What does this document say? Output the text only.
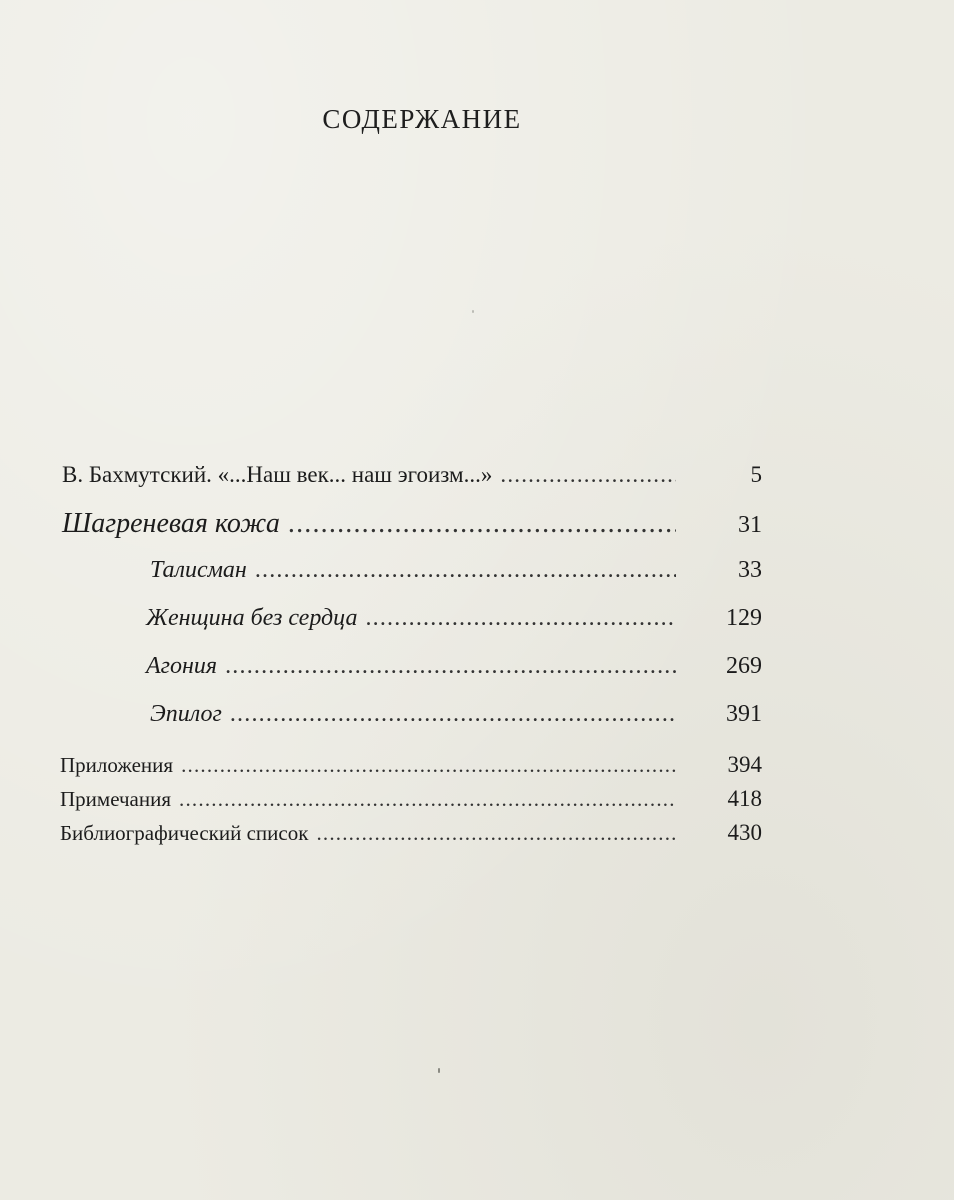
СОДЕРЖАНИЕ
В. Бахмутский. «...Наш век... наш эгоизм...» .....	5
Шагреневая кожа .....	31
Талисман .....	33
Женщина без сердца .....	129
Агония .....	269
Эпилог .....	391
Приложения .....	394
Примечания .....	418
Библиографический список .....	430
